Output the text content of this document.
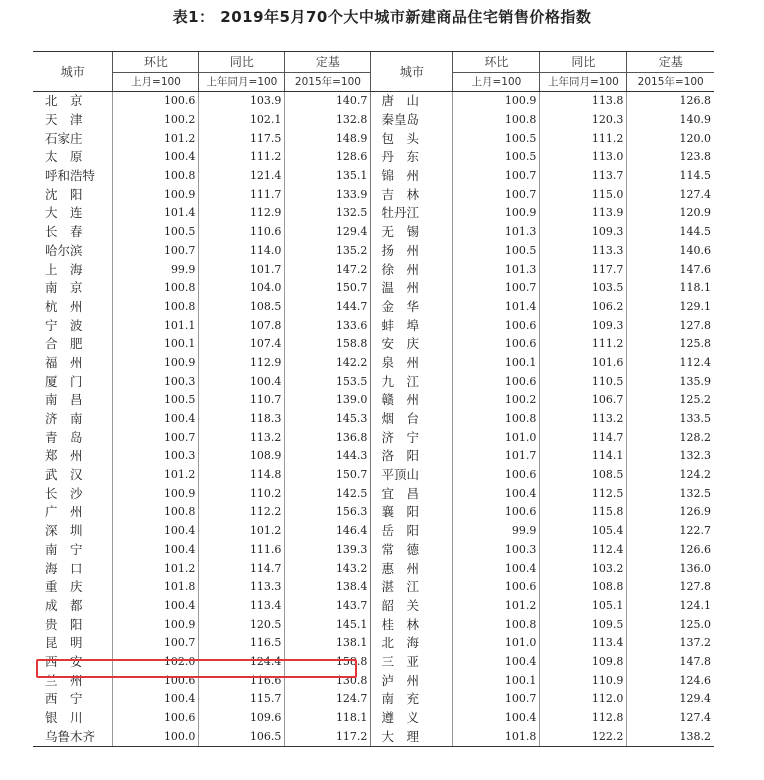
表1： 2019年5月70个大中城市新建商品住宅销售价格指数
城市	环比	同比	定基	城市	环比	同比	定基
	上月=100	上年同月=100	2015年=100		上月=100	上年同月=100	2015年=100
北　京	100.6	103.9	140.7	唐　山	100.9	113.8	126.8
天　津	100.2	102.1	132.8	秦皇岛	100.8	120.3	140.9
石家庄	101.2	117.5	148.9	包　头	100.5	111.2	120.0
太　原	100.4	111.2	128.6	丹　东	100.5	113.0	123.8
呼和浩特	100.8	121.4	135.1	锦　州	100.7	113.7	114.5
沈　阳	100.9	111.7	133.9	吉　林	100.7	115.0	127.4
大　连	101.4	112.9	132.5	牡丹江	100.9	113.9	120.9
长　春	100.5	110.6	129.4	无　锡	101.3	109.3	144.5
哈尔滨	100.7	114.0	135.2	扬　州	100.5	113.3	140.6
上　海	99.9	101.7	147.2	徐　州	101.3	117.7	147.6
南　京	100.8	104.0	150.7	温　州	100.7	103.5	118.1
杭　州	100.8	108.5	144.7	金　华	101.4	106.2	129.1
宁　波	101.1	107.8	133.6	蚌　埠	100.6	109.3	127.8
合　肥	100.1	107.4	158.8	安　庆	100.6	111.2	125.8
福　州	100.9	112.9	142.2	泉　州	100.1	101.6	112.4
厦　门	100.3	100.4	153.5	九　江	100.6	110.5	135.9
南　昌	100.5	110.7	139.0	赣　州	100.2	106.7	125.2
济　南	100.4	118.3	145.3	烟　台	100.8	113.2	133.5
青　岛	100.7	113.2	136.8	济　宁	101.0	114.7	128.2
郑　州	100.3	108.9	144.3	洛　阳	101.7	114.1	132.3
武　汉	101.2	114.8	150.7	平顶山	100.6	108.5	124.2
长　沙	100.9	110.2	142.5	宜　昌	100.4	112.5	132.5
广　州	100.8	112.2	156.3	襄　阳	100.6	115.8	126.9
深　圳	100.4	101.2	146.4	岳　阳	99.9	105.4	122.7
南　宁	100.4	111.6	139.3	常　德	100.3	112.4	126.6
海　口	101.2	114.7	143.2	惠　州	100.4	103.2	136.0
重　庆	101.8	113.3	138.4	湛　江	100.6	108.8	127.8
成　都	100.4	113.4	143.7	韶　关	101.2	105.1	124.1
贵　阳	100.9	120.5	145.1	桂　林	100.8	109.5	125.0
昆　明	100.7	116.5	138.1	北　海	101.0	113.4	137.2
西　安	102.0	124.4	158.8	三　亚	100.4	109.8	147.8
兰　州	100.6	116.6	130.8	泸　州	100.1	110.9	124.6
西　宁	100.4	115.7	124.7	南　充	100.7	112.0	129.4
银　川	100.6	109.6	118.1	遵　义	100.4	112.8	127.4
乌鲁木齐	100.0	106.5	117.2	大　理	101.8	122.2	138.2
